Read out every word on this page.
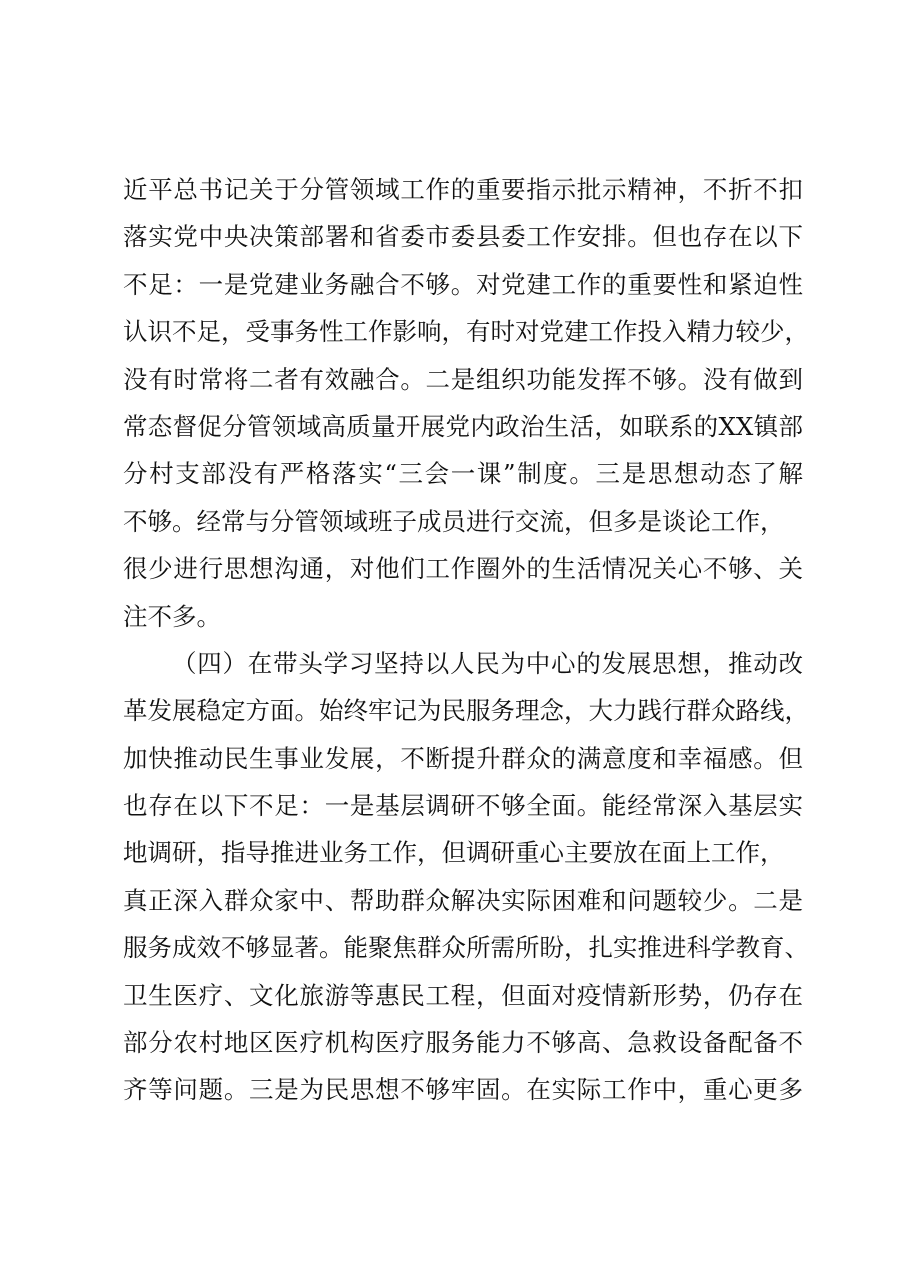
近平总书记关于分管领域工作的重要指示批示精神，不折不扣
落实党中央决策部署和省委市委县委工作安排。但也存在以下
不足：一是党建业务融合不够。对党建工作的重要性和紧迫性
认识不足，受事务性工作影响，有时对党建工作投入精力较少，
没有时常将二者有效融合。二是组织功能发挥不够。没有做到
常态督促分管领域高质量开展党内政治生活，如联系的XX镇部
分村支部没有严格落实“三会一课”制度。三是思想动态了解
不够。经常与分管领域班子成员进行交流，但多是谈论工作，
很少进行思想沟通，对他们工作圈外的生活情况关心不够、关
注不多。
（四）在带头学习坚持以人民为中心的发展思想，推动改
革发展稳定方面。始终牢记为民服务理念，大力践行群众路线，
加快推动民生事业发展，不断提升群众的满意度和幸福感。但
也存在以下不足：一是基层调研不够全面。能经常深入基层实
地调研，指导推进业务工作，但调研重心主要放在面上工作，
真正深入群众家中、帮助群众解决实际困难和问题较少。二是
服务成效不够显著。能聚焦群众所需所盼，扎实推进科学教育、
卫生医疗、文化旅游等惠民工程，但面对疫情新形势，仍存在
部分农村地区医疗机构医疗服务能力不够高、急救设备配备不
齐等问题。三是为民思想不够牢固。在实际工作中，重心更多
